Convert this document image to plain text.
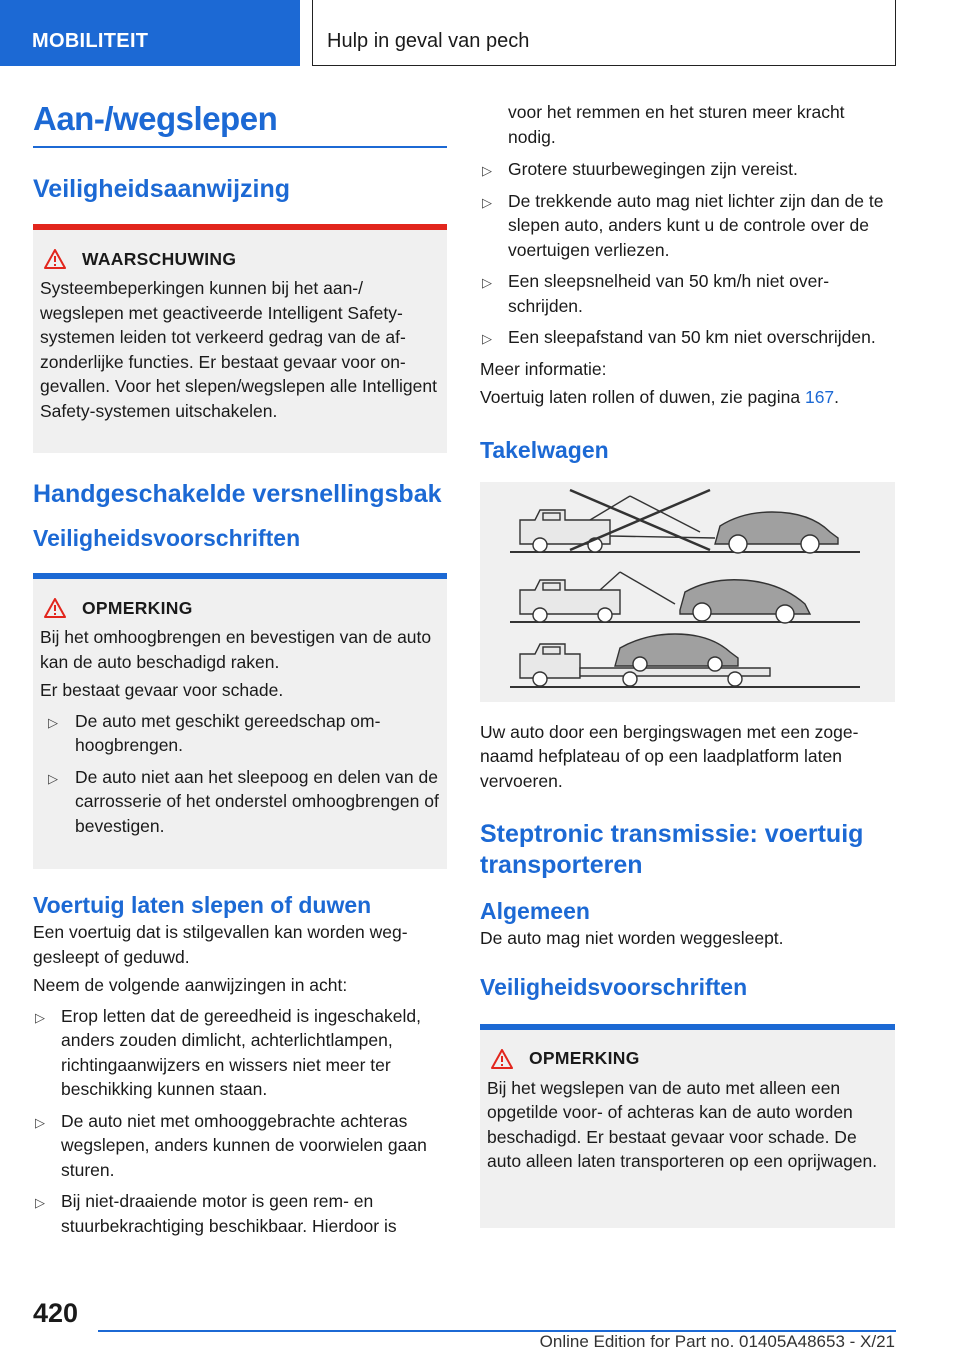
MOBILITEIT	Hulp in geval van pech
Aan-/wegslepen
Veiligheidsaanwijzing
WAARSCHUWING
Systeembeperkingen kunnen bij het aan-/ wegslepen met geactiveerde Intelligent Safety-systemen leiden tot verkeerd gedrag van de afzonderlijke functies. Er bestaat gevaar voor ongevallen. Voor het slepen/wegslepen alle Intelligent Safety-systemen uitschakelen.
Handgeschakelde versnellingsbak
Veiligheidsvoorschriften
OPMERKING
Bij het omhoogbrengen en bevestigen van de auto kan de auto beschadigd raken.
Er bestaat gevaar voor schade.
▷ De auto met geschikt gereedschap omhoogbrengen.
▷ De auto niet aan het sleepoog en delen van de carrosserie of het onderstel omhoogbrengen of bevestigen.
Voertuig laten slepen of duwen
Een voertuig dat is stilgevallen kan worden weggesleept of geduwd.
Neem de volgende aanwijzingen in acht:
▷ Erop letten dat de gereedheid is ingeschakeld, anders zouden dimlicht, achterlichtlampen, richtingaanwijzers en wissers niet meer ter beschikking kunnen staan.
▷ De auto niet met omhooggebrachte achteras wegslepen, anders kunnen de voorwielen gaan sturen.
▷ Bij niet-draaiende motor is geen rem- en stuurbekrachtiging beschikbaar. Hierdoor is
voor het remmen en het sturen meer kracht nodig.
▷ Grotere stuurbewegingen zijn vereist.
▷ De trekkende auto mag niet lichter zijn dan de te slepen auto, anders kunt u de controle over de voertuigen verliezen.
▷ Een sleepsnelheid van 50 km/h niet overschrijden.
▷ Een sleepafstand van 50 km niet overschrijden.
Meer informatie:
Voertuig laten rollen of duwen, zie pagina 167.
Takelwagen
Uw auto door een bergingswagen met een zogenaamd hefplateau of op een laadplatform laten vervoeren.
Steptronic transmissie: voertuig transporteren
Algemeen
De auto mag niet worden weggesleept.
Veiligheidsvoorschriften
OPMERKING
Bij het wegslepen van de auto met alleen een opgetilde voor- of achteras kan de auto worden beschadigd. Er bestaat gevaar voor schade. De auto alleen laten transporteren op een oprijwagen.
420
Online Edition for Part no. 01405A48653 - X/21
